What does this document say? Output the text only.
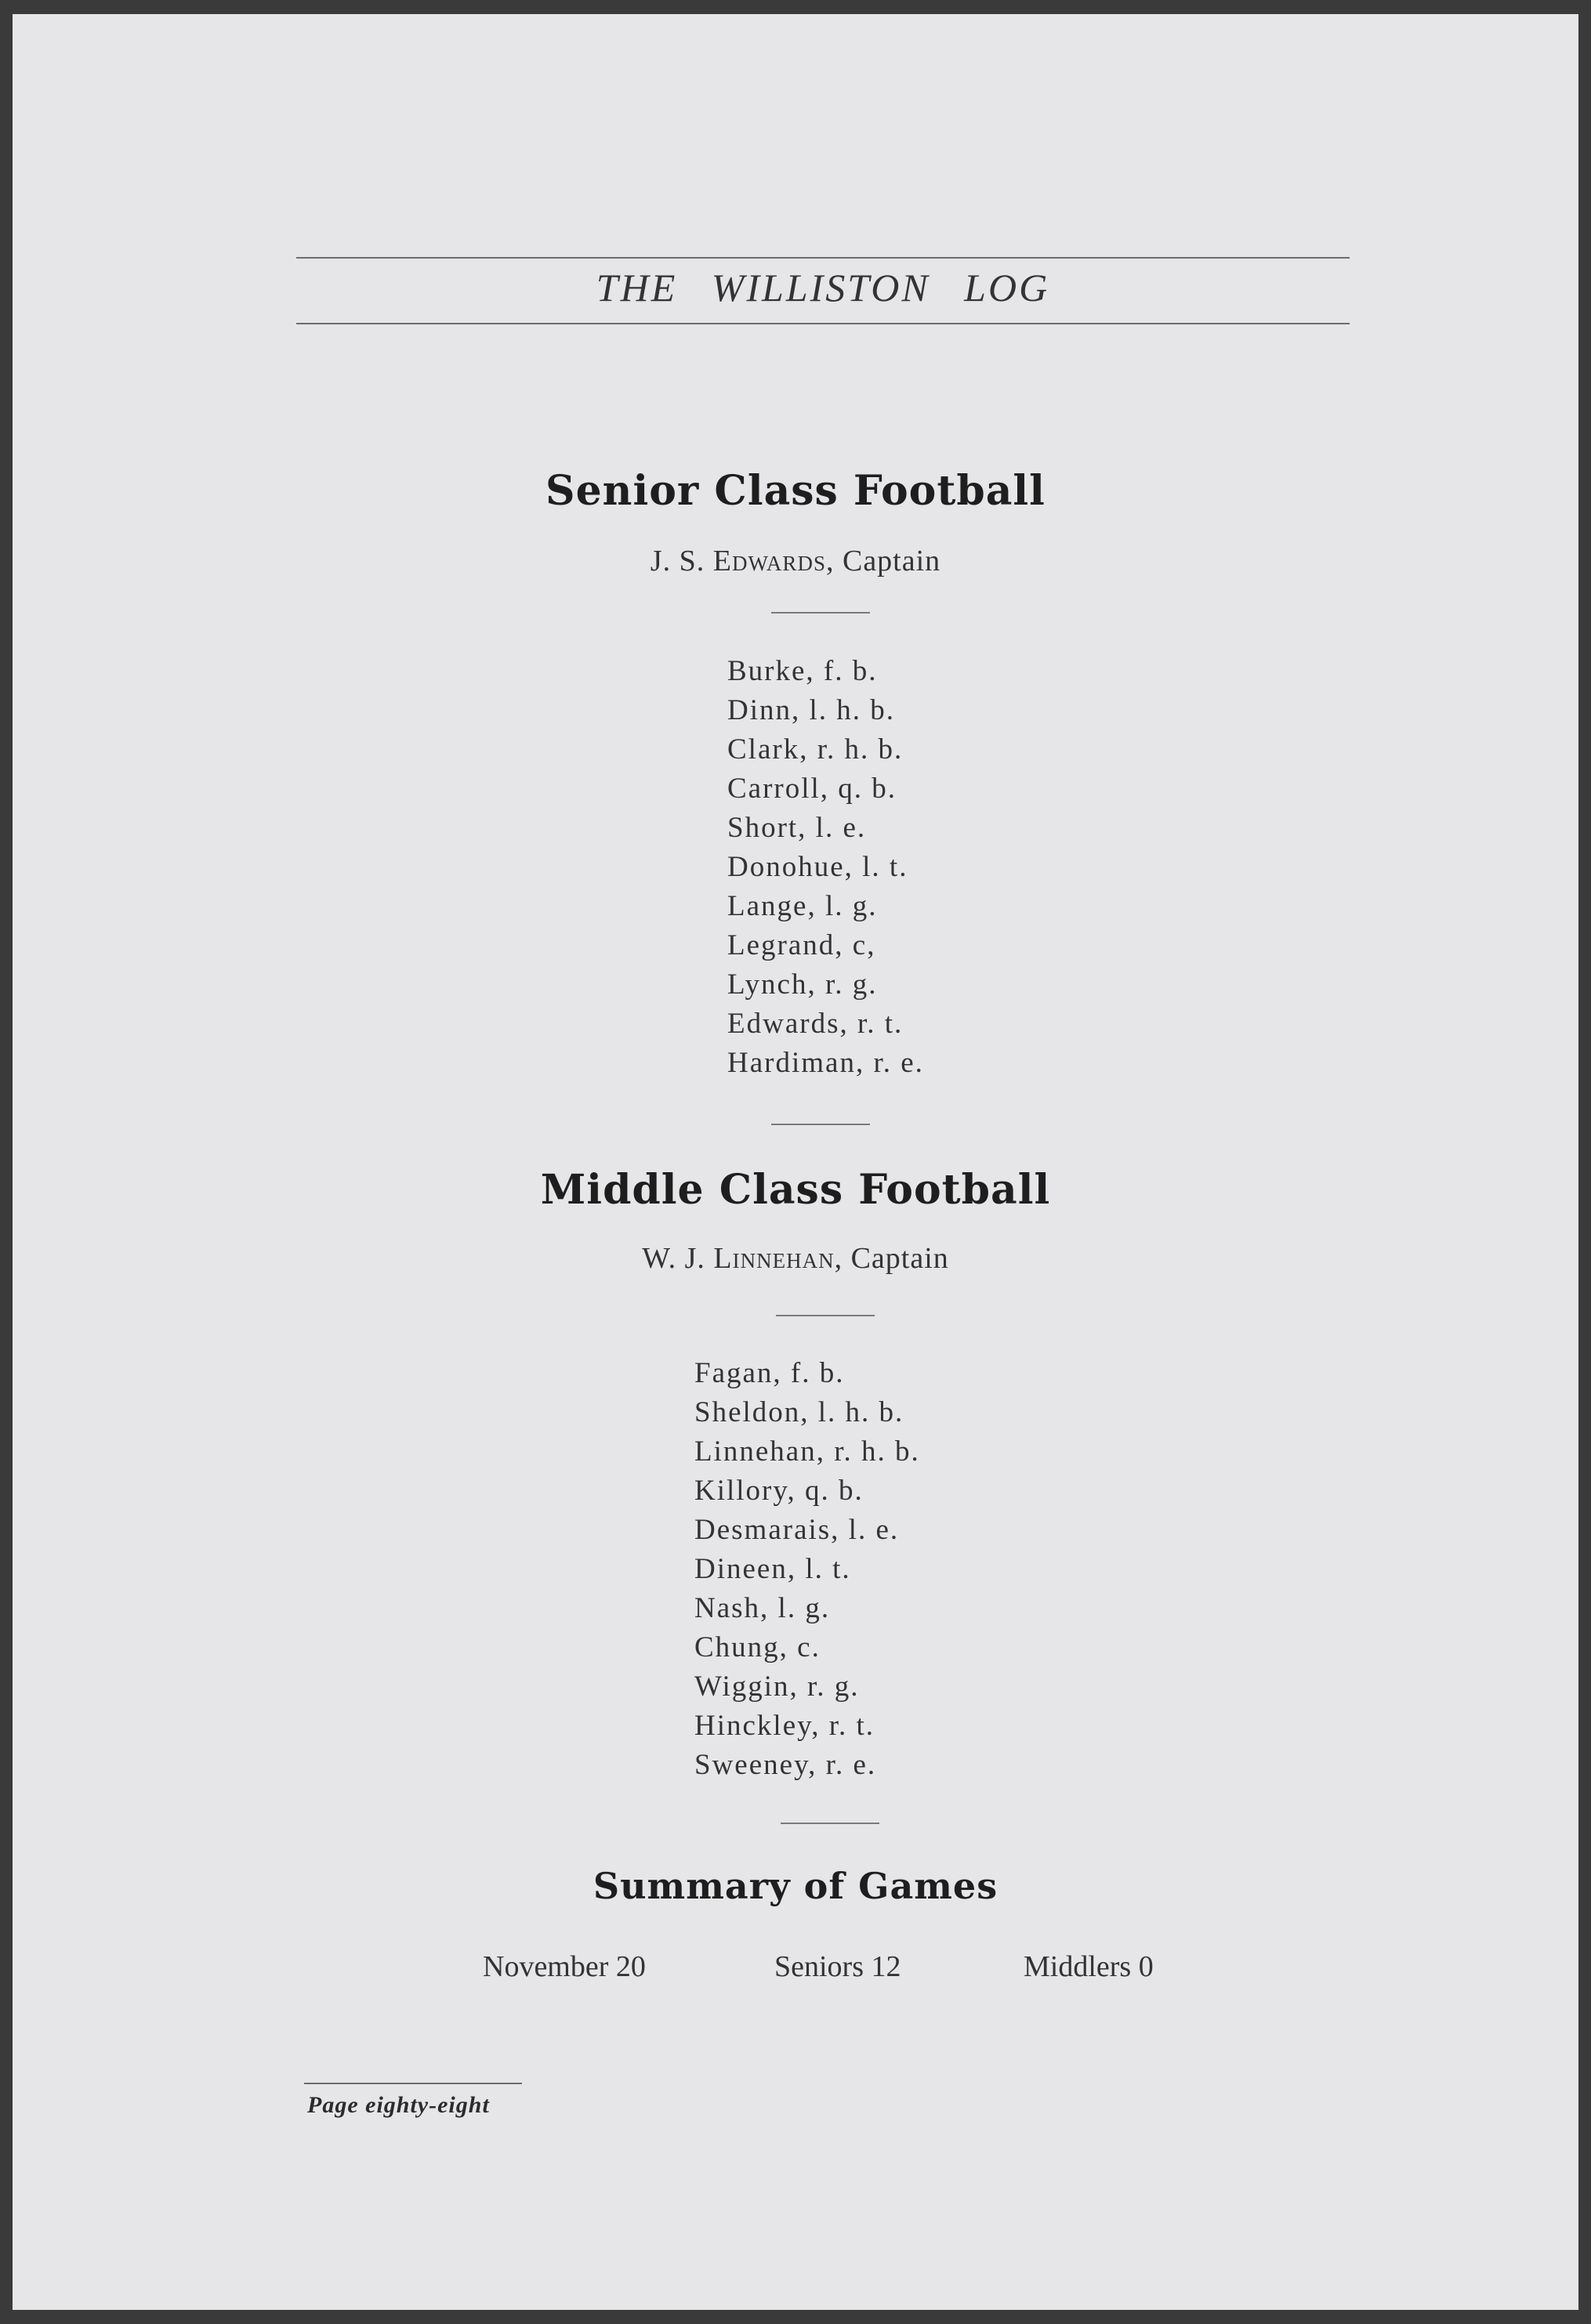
THE WILLISTON LOG
Senior Class Football
J. S. Edwards, Captain
Burke, f. b.
Dinn, l. h. b.
Clark, r. h. b.
Carroll, q. b.
Short, l. e.
Donohue, l. t.
Lange, l. g.
Legrand, c,
Lynch, r. g.
Edwards, r. t.
Hardiman, r. e.
Middle Class Football
W. J. Linnehan, Captain
Fagan, f. b.
Sheldon, l. h. b.
Linnehan, r. h. b.
Killory, q. b.
Desmarais, l. e.
Dineen, l. t.
Nash, l. g.
Chung, c.
Wiggin, r. g.
Hinckley, r. t.
Sweeney, r. e.
Summary of Games
November 20	Seniors 12	Middlers 0
Page eighty-eight
